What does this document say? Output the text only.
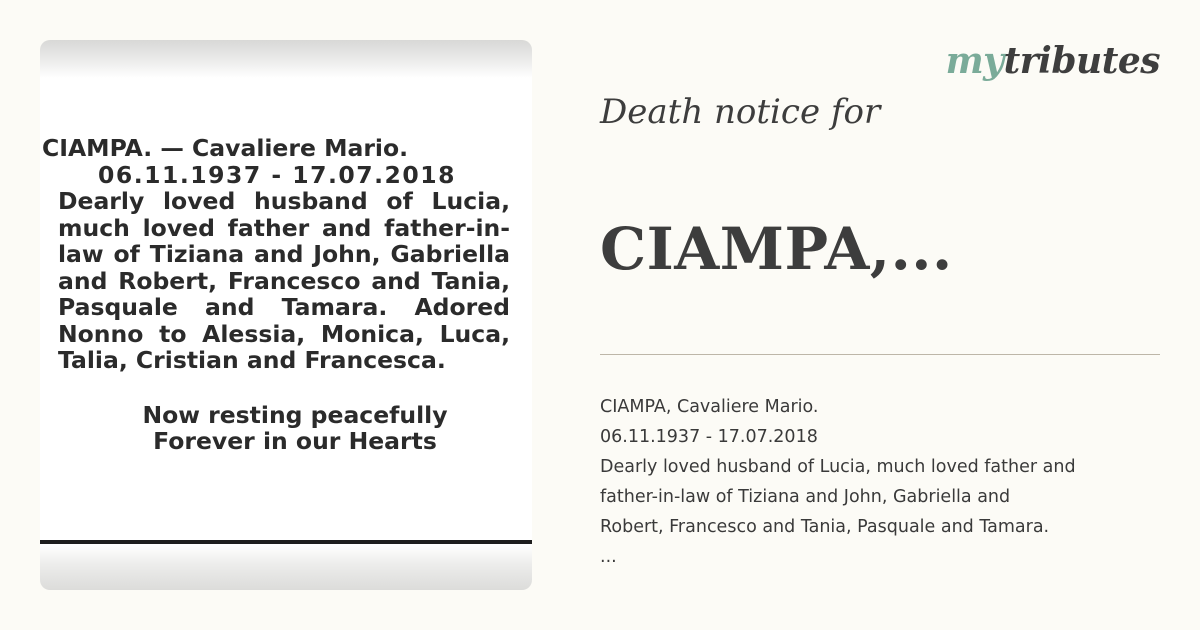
CIAMPA. — Cavaliere Mario.
06.11.1937 - 17.07.2018
Dearly loved husband of Lucia, much loved father and father-in-law of Tiziana and John, Gabriella and Robert, Francesco and Tania, Pasquale and Tamara. Adored Nonno to Alessia, Monica, Luca, Talia, Cristian and Francesca.
Now resting peacefully
Forever in our Hearts
mytributes
Death notice for
CIAMPA,...
CIAMPA, Cavaliere Mario.
06.11.1937 - 17.07.2018
Dearly loved husband of Lucia, much loved father and
father-in-law of Tiziana and John, Gabriella and
Robert, Francesco and Tania, Pasquale and Tamara.
...
